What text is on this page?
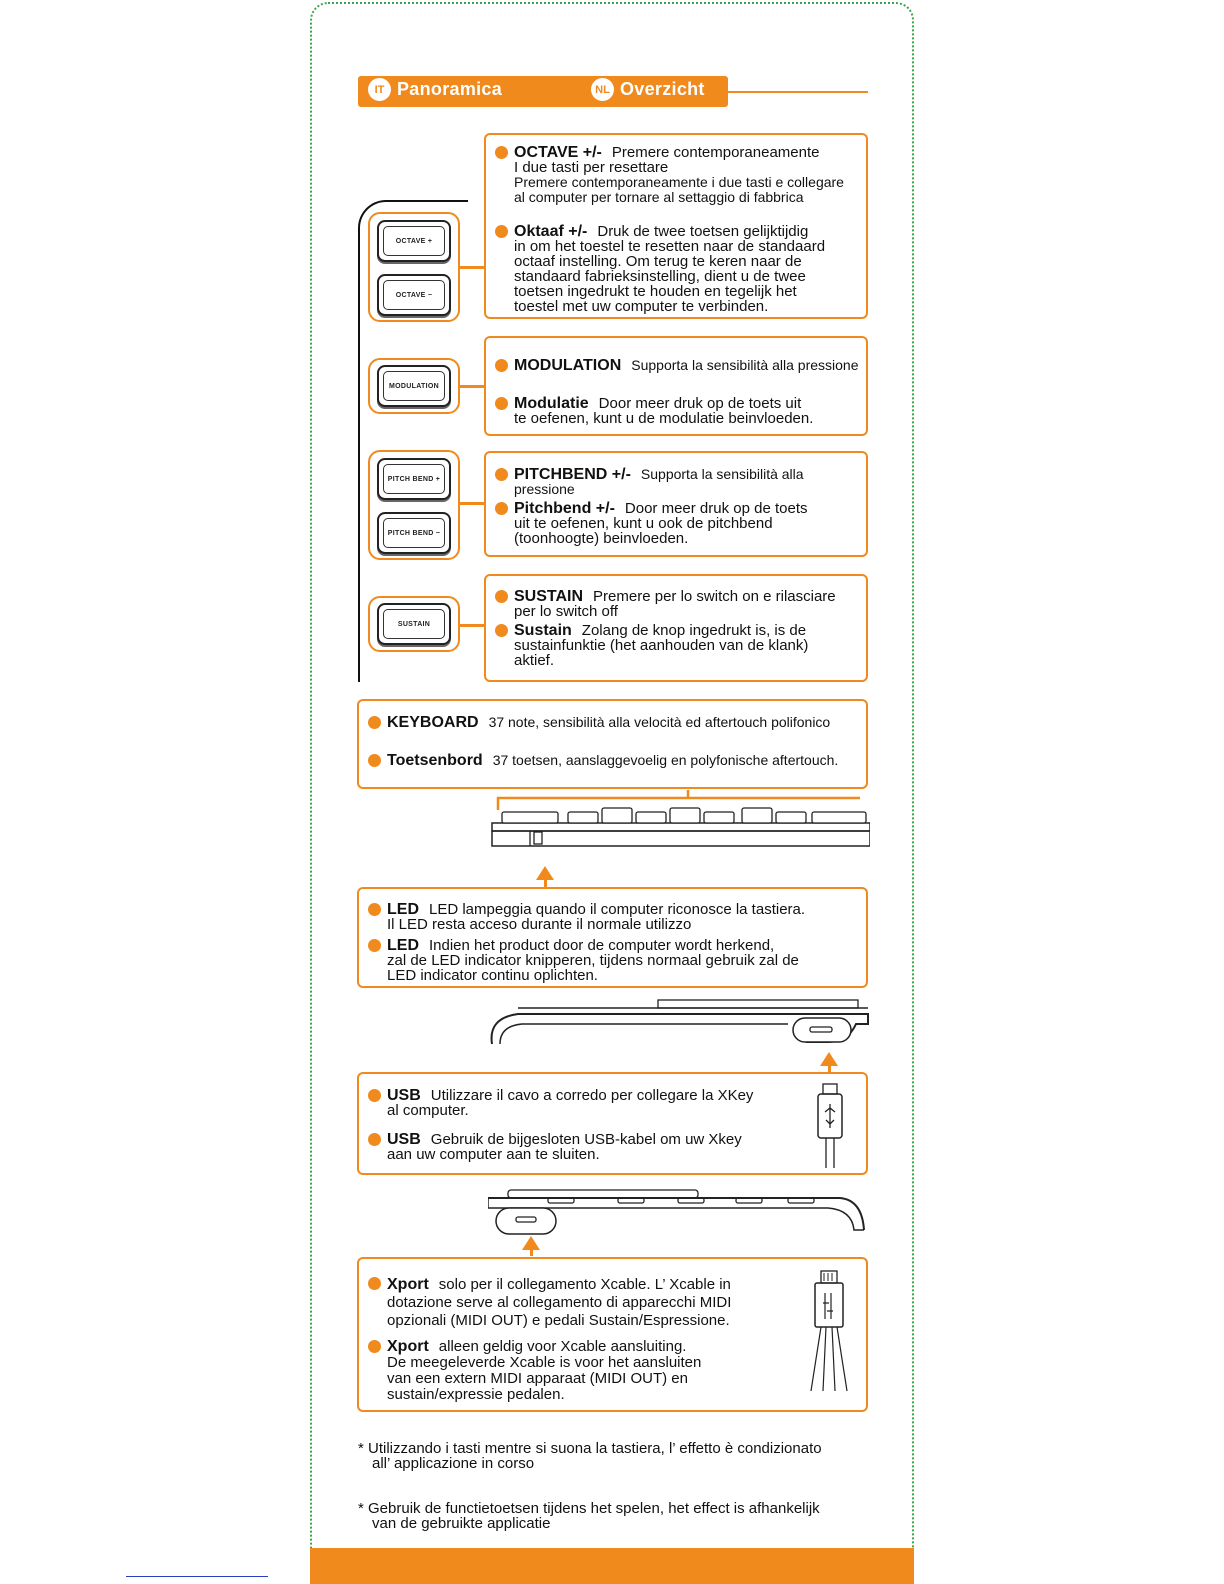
IT Panoramica	NL Overzicht
OCTAVE +
OCTAVE −
MODULATION
PITCH BEND +
PITCH BEND −
SUSTAIN
OCTAVE +/- Premere contemporaneamente
I due tasti per resettare
Premere contemporaneamente i due tasti e collegare
al computer per tornare al settaggio di fabbrica
Oktaaf +/- Druk de twee toetsen gelijktijdig
in om het toestel te resetten naar de standaard
octaaf instelling. Om terug te keren naar de
standaard fabrieksinstelling, dient u de twee
toetsen ingedrukt te houden en tegelijk het
toestel met uw computer te verbinden.
MODULATION Supporta la sensibilità alla pressione
Modulatie Door meer druk op de toets uit
te oefenen, kunt u de modulatie beinvloeden.
PITCHBEND +/- Supporta la sensibilità alla pressione
Pitchbend +/- Door meer druk op de toets
uit te oefenen, kunt u ook de pitchbend
(toonhoogte) beinvloeden.
SUSTAIN Premere per lo switch on e rilasciare
per lo switch off
Sustain Zolang de knop ingedrukt is, is de
sustainfunktie (het aanhouden van de klank)
aktief.
KEYBOARD 37 note, sensibilità alla velocità ed aftertouch polifonico
Toetsenbord 37 toetsen, aanslaggevoelig en polyfonische aftertouch.
LED LED lampeggia quando il computer riconosce la tastiera.
Il LED resta acceso durante il normale utilizzo
LED Indien het product door de computer wordt herkend,
zal de LED indicator knipperen, tijdens normaal gebruik zal de
LED indicator continu oplichten.
USB Utilizzare il cavo a corredo per collegare la XKey
al computer.
USB Gebruik de bijgesloten USB-kabel om uw Xkey
aan uw computer aan te sluiten.
Xport solo per il collegamento Xcable. L’ Xcable in
dotazione serve al collegamento di apparecchi MIDI
opzionali (MIDI OUT) e pedali Sustain/Espressione.
Xport alleen geldig voor Xcable aansluiting.
De meegeleverde Xcable is voor het aansluiten
van een extern MIDI apparaat (MIDI OUT) en
sustain/expressie pedalen.
* Utilizzando i tasti mentre si suona la tastiera, l’ effetto è condizionato
all’ applicazione in corso
* Gebruik de functietoetsen tijdens het spelen, het effect is afhankelijk
van de gebruikte applicatie
